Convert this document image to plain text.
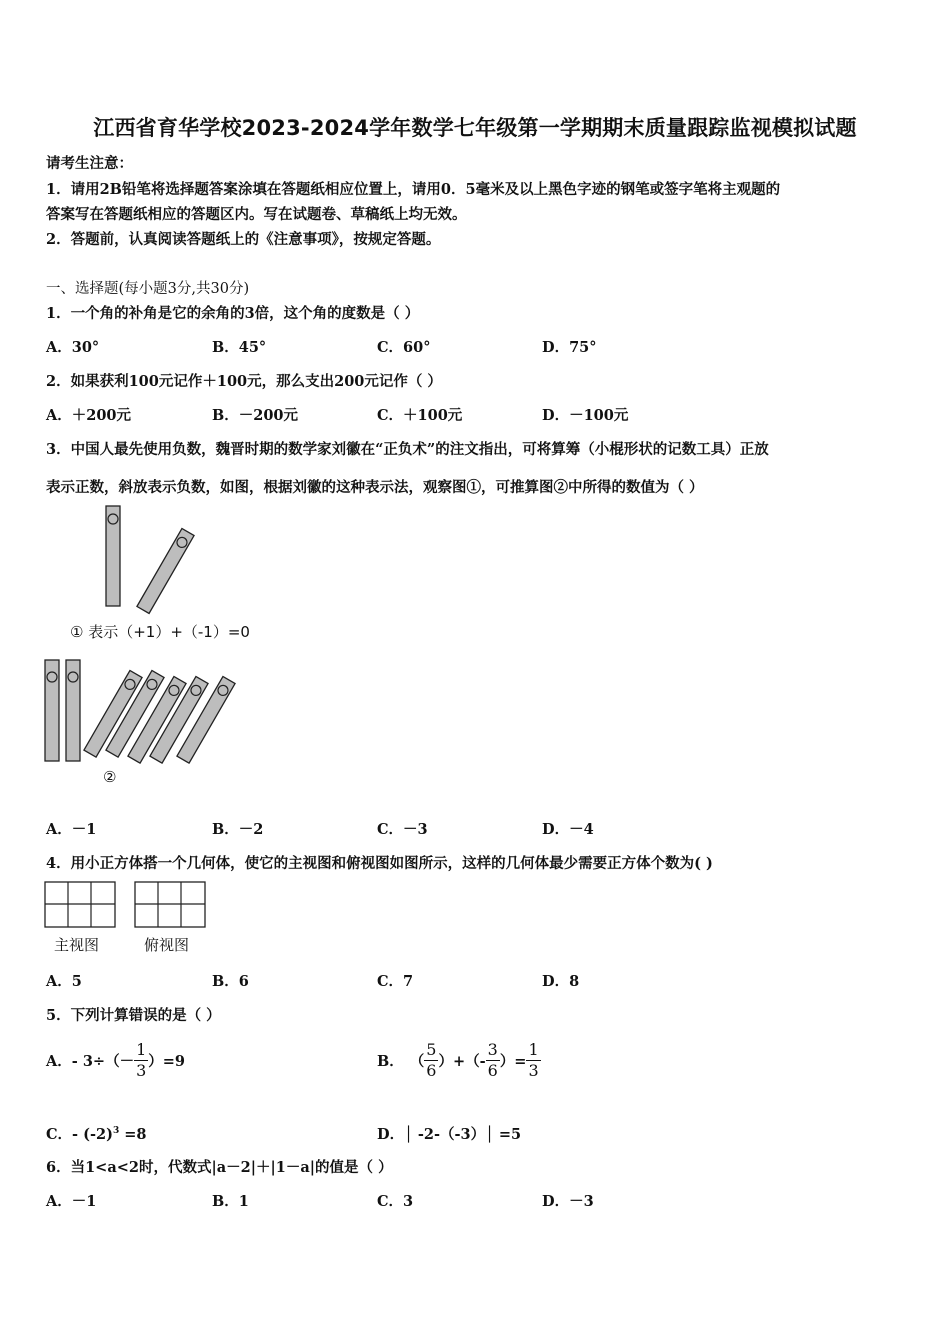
江西省育华学校2023-2024学年数学七年级第一学期期末质量跟踪监视模拟试题
请考生注意：
1．请用2B铅笔将选择题答案涂填在答题纸相应位置上，请用0．5毫米及以上黑色字迹的钢笔或签字笔将主观题的
答案写在答题纸相应的答题区内。写在试题卷、草稿纸上均无效。
2．答题前，认真阅读答题纸上的《注意事项》，按规定答题。
一、选择题(每小题3分,共30分)
1．一个角的补角是它的余角的3倍，这个角的度数是（ ）
A．30°	B．45°	C．60°	D．75°
2．如果获利100元记作＋100元，那么支出200元记作（ ）
A．＋200元	B．－200元	C．＋100元	D．－100元
3．中国人最先使用负数，魏晋时期的数学家刘徽在“正负术”的注文指出，可将算筹（小棍形状的记数工具）正放
表示正数，斜放表示负数，如图，根据刘徽的这种表示法，观察图①，可推算图②中所得的数值为（ ）
① 表示（+1）+（-1）=0
②
A．－1	B．－2	C．－3	D．－4
4．用小正方体搭一个几何体，使它的主视图和俯视图如图所示，这样的几何体最少需要正方体个数为( )
主视图	俯视图
A．5	B．6	C．7	D．8
5．下列计算错误的是（ ）
A． - $3\div(- \frac{1}{3} )=9$	B． （ $\frac{5}{6}$ ）+（- $\frac{3}{6}$ ）= $\frac{1}{3}$
C．- $(-2)^3 =8$	D．│ -2-（-3）│ =5
6．当1<a<2时，代数式|a－2|＋|1－a|的值是（ ）
A．－1	B．1	C．3	D．－3
